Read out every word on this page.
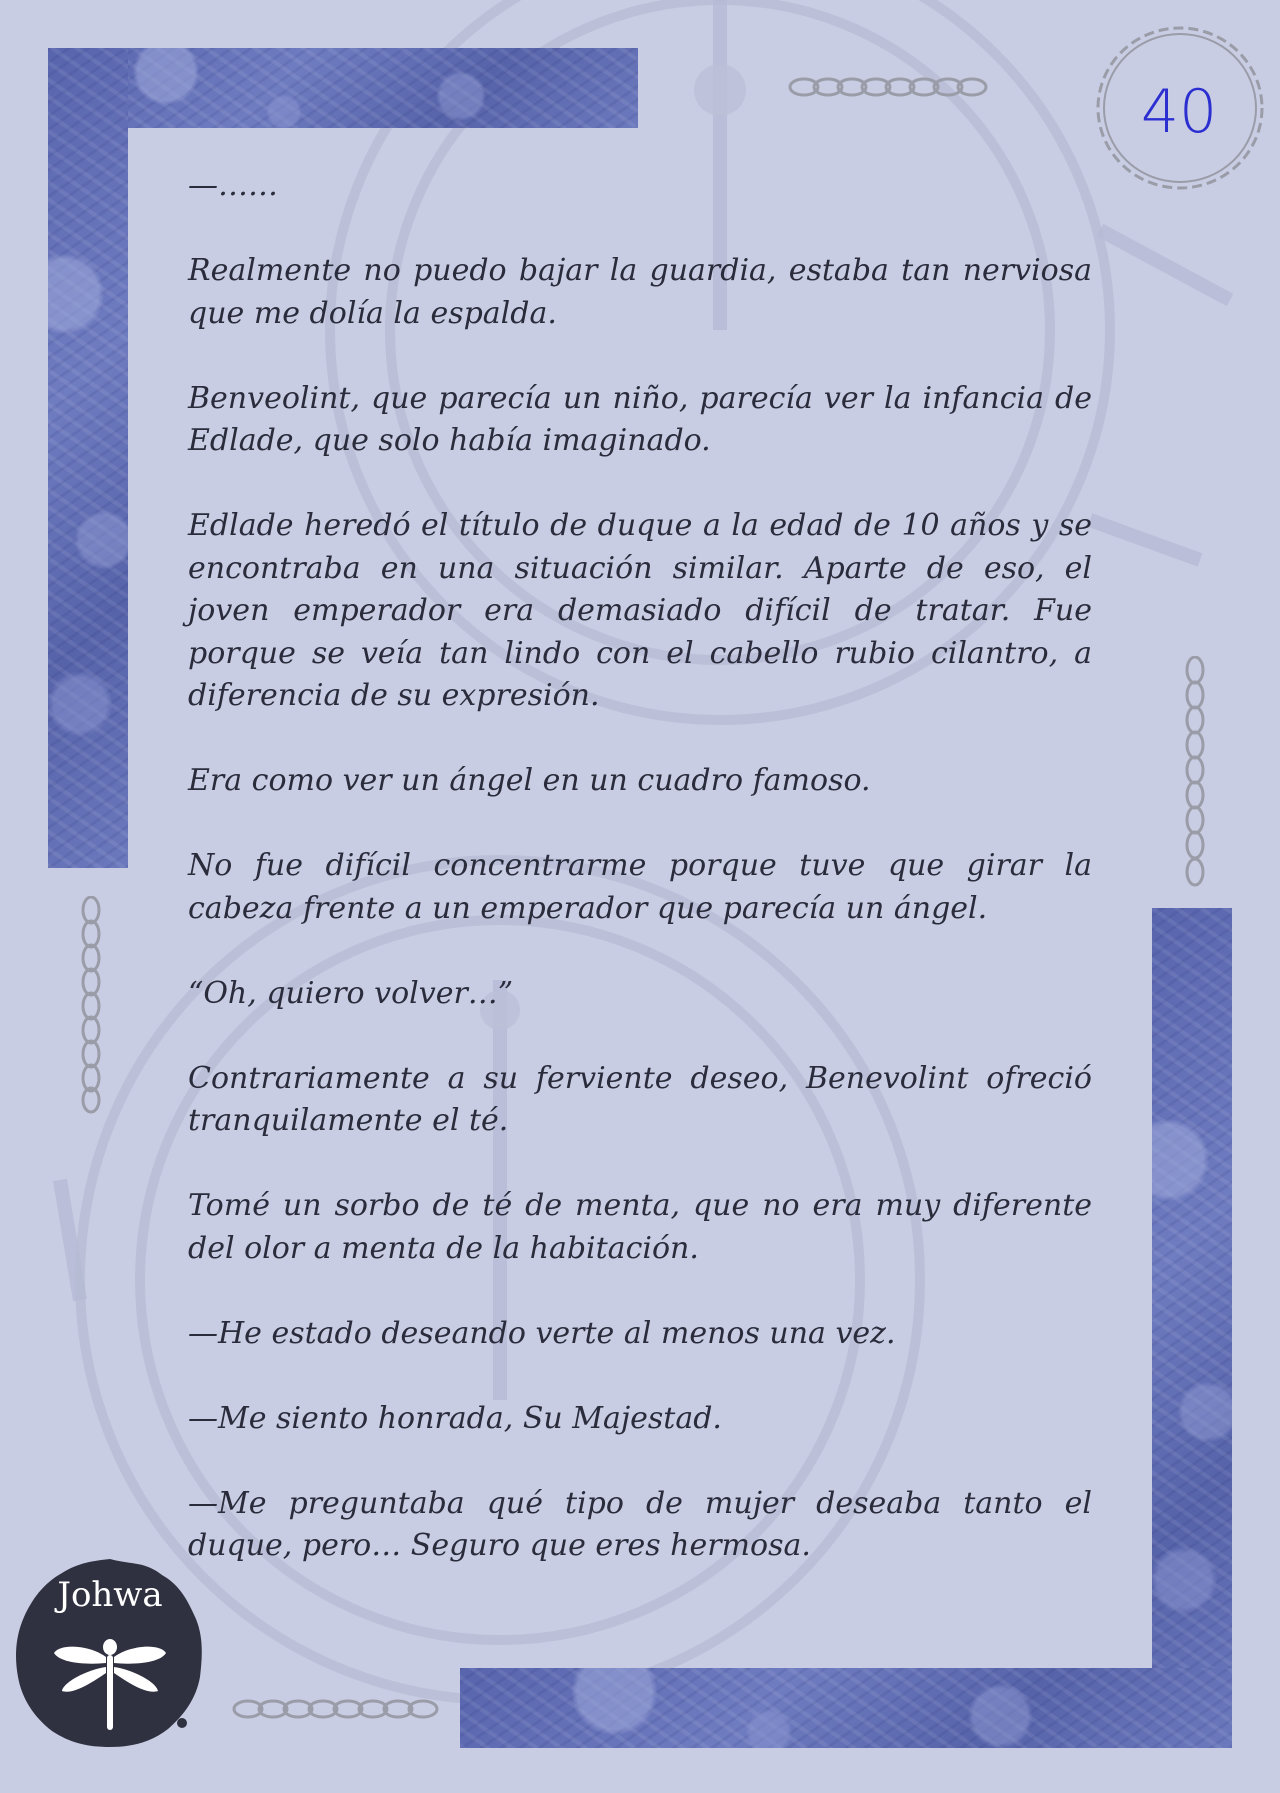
40

—……

Realmente no puedo bajar la guardia, estaba tan nerviosa que me dolía la espalda.

Benveolint, que parecía un niño, parecía ver la infancia de Edlade, que solo había imaginado.

Edlade heredó el título de duque a la edad de 10 años y se encontraba en una situación similar. Aparte de eso, el joven emperador era demasiado difícil de tratar. Fue porque se veía tan lindo con el cabello rubio cilantro, a diferencia de su expresión.

Era como ver un ángel en un cuadro famoso.

No fue difícil concentrarme porque tuve que girar la cabeza frente a un emperador que parecía un ángel.

“Oh, quiero volver…”

Contrariamente a su ferviente deseo, Benevolint ofreció tranquilamente el té.

Tomé un sorbo de té de menta, que no era muy diferente del olor a menta de la habitación.

—He estado deseando verte al menos una vez.

—Me siento honrada, Su Majestad.

—Me preguntaba qué tipo de mujer deseaba tanto el duque, pero… Seguro que eres hermosa.

Johwa
